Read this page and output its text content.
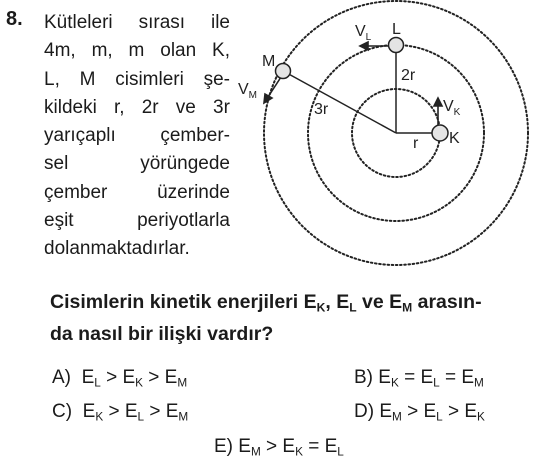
8. Kütleleri sırası ile
4m, m, m olan K,
L, M cisimleri şe-
kildeki r, 2r ve 3r
yarıçaplı çember-
sel	yörüngede
çember	üzerinde
eşit	periyotlarla
dolanmaktadırlar.
K
L
M
$V_L$
$V_K$
$V_M$
r
2r
3r
Cisimlerin kinetik enerjileri $E_K$, $E_L$ ve $E_M$ arasın-
da nasıl bir ilişki vardır?
A) $E_L > E_K > E_M$	B) $E_K = E_L = E_M$
C) $E_K > E_L > E_M$	D) $E_M > E_L > E_K$
E) $E_M > E_K = E_L$
